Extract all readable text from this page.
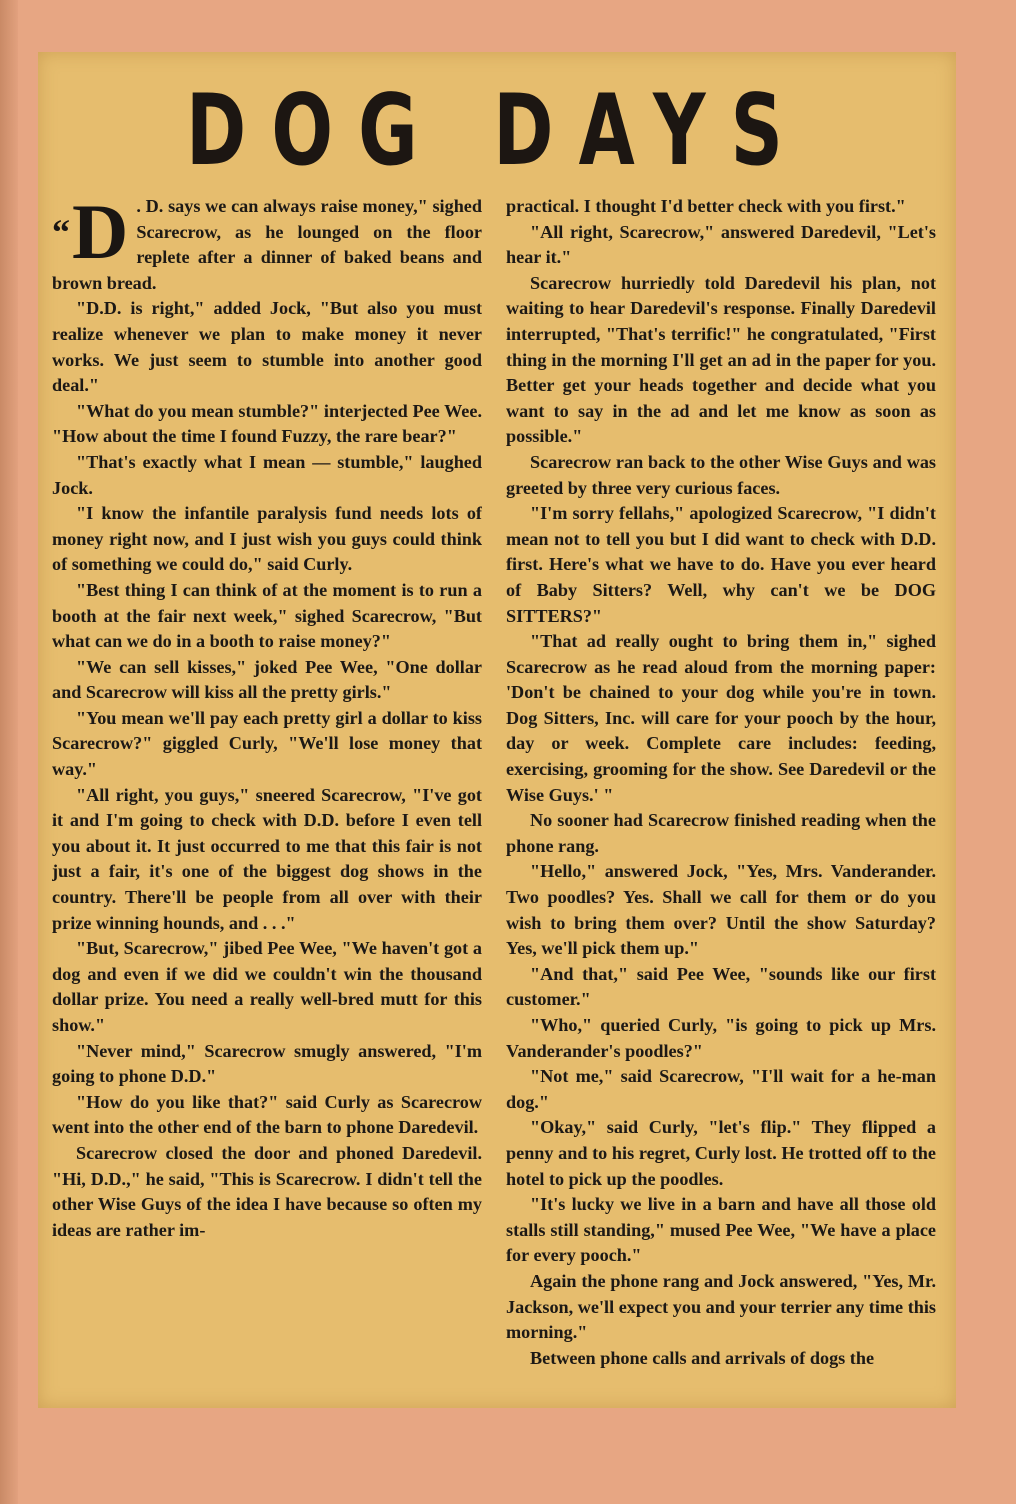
DOG DAYS

“D . D. says we can always raise money," sighed Scarecrow, as he lounged on the floor replete after a dinner of baked beans and brown bread.

"D.D. is right," added Jock, "But also you must realize whenever we plan to make money it never works. We just seem to stumble into another good deal."

"What do you mean stumble?" interjected Pee Wee. "How about the time I found Fuzzy, the rare bear?"

"That's exactly what I mean — stumble," laughed Jock.

"I know the infantile paralysis fund needs lots of money right now, and I just wish you guys could think of something we could do," said Curly.

"Best thing I can think of at the moment is to run a booth at the fair next week," sighed Scarecrow, "But what can we do in a booth to raise money?"

"We can sell kisses," joked Pee Wee, "One dollar and Scarecrow will kiss all the pretty girls."

"You mean we'll pay each pretty girl a dollar to kiss Scarecrow?" giggled Curly, "We'll lose money that way."

"All right, you guys," sneered Scarecrow, "I've got it and I'm going to check with D.D. before I even tell you about it. It just occurred to me that this fair is not just a fair, it's one of the biggest dog shows in the country. There'll be people from all over with their prize winning hounds, and . . ."

"But, Scarecrow," jibed Pee Wee, "We haven't got a dog and even if we did we couldn't win the thousand dollar prize. You need a really well-bred mutt for this show."

"Never mind," Scarecrow smugly answered, "I'm going to phone D.D."

"How do you like that?" said Curly as Scarecrow went into the other end of the barn to phone Daredevil.

Scarecrow closed the door and phoned Daredevil. "Hi, D.D.," he said, "This is Scarecrow. I didn't tell the other Wise Guys of the idea I have because so often my ideas are rather im-

practical. I thought I'd better check with you first."

"All right, Scarecrow," answered Daredevil, "Let's hear it."

Scarecrow hurriedly told Daredevil his plan, not waiting to hear Daredevil's response. Finally Daredevil interrupted, "That's terrific!" he congratulated, "First thing in the morning I'll get an ad in the paper for you. Better get your heads together and decide what you want to say in the ad and let me know as soon as possible."

Scarecrow ran back to the other Wise Guys and was greeted by three very curious faces.

"I'm sorry fellahs," apologized Scarecrow, "I didn't mean not to tell you but I did want to check with D.D. first. Here's what we have to do. Have you ever heard of Baby Sitters? Well, why can't we be DOG SITTERS?"

"That ad really ought to bring them in," sighed Scarecrow as he read aloud from the morning paper: 'Don't be chained to your dog while you're in town. Dog Sitters, Inc. will care for your pooch by the hour, day or week. Complete care includes: feeding, exercising, grooming for the show. See Daredevil or the Wise Guys.' "

No sooner had Scarecrow finished reading when the phone rang.

"Hello," answered Jock, "Yes, Mrs. Vanderander. Two poodles? Yes. Shall we call for them or do you wish to bring them over? Until the show Saturday? Yes, we'll pick them up."

"And that," said Pee Wee, "sounds like our first customer."

"Who," queried Curly, "is going to pick up Mrs. Vanderander's poodles?"

"Not me," said Scarecrow, "I'll wait for a he-man dog."

"Okay," said Curly, "let's flip." They flipped a penny and to his regret, Curly lost. He trotted off to the hotel to pick up the poodles.

"It's lucky we live in a barn and have all those old stalls still standing," mused Pee Wee, "We have a place for every pooch."

Again the phone rang and Jock answered, "Yes, Mr. Jackson, we'll expect you and your terrier any time this morning."

Between phone calls and arrivals of dogs the
